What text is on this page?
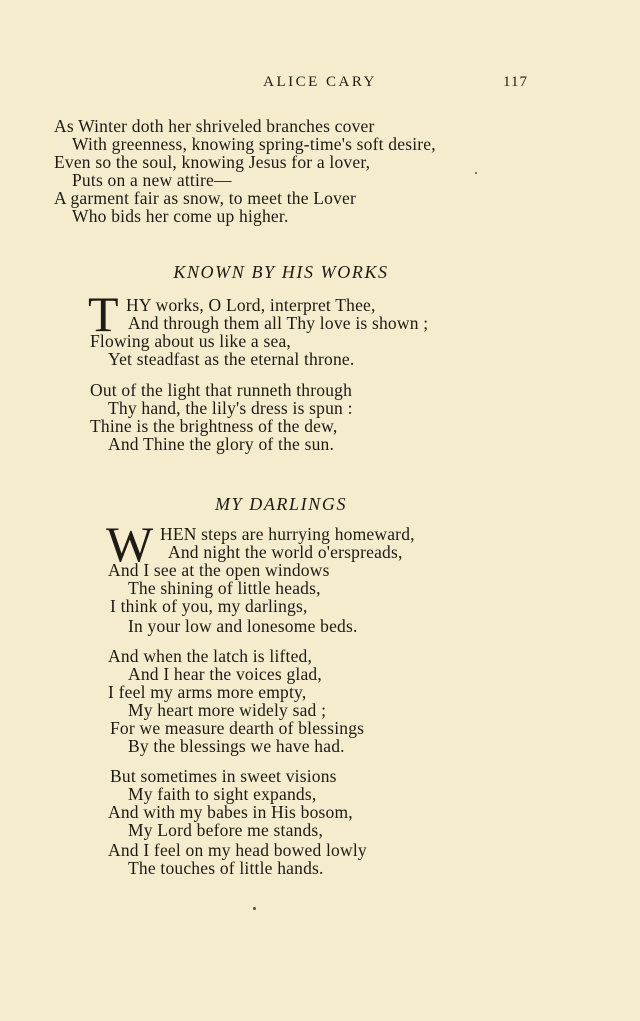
ALICE CARY	117
As Winter doth her shriveled branches cover
With greenness, knowing spring-time's soft desire,
Even so the soul, knowing Jesus for a lover,
Puts on a new attire—
A garment fair as snow, to meet the Lover
Who bids her come up higher.
KNOWN BY HIS WORKS
T HY works, O Lord, interpret Thee,
And through them all Thy love is shown ;
Flowing about us like a sea,
Yet steadfast as the eternal throne.
Out of the light that runneth through
Thy hand, the lily's dress is spun :
Thine is the brightness of the dew,
And Thine the glory of the sun.
MY DARLINGS
W HEN steps are hurrying homeward,
And night the world o'erspreads,
And I see at the open windows
The shining of little heads,
I think of you, my darlings,
In your low and lonesome beds.
And when the latch is lifted,
And I hear the voices glad,
I feel my arms more empty,
My heart more widely sad ;
For we measure dearth of blessings
By the blessings we have had.
But sometimes in sweet visions
My faith to sight expands,
And with my babes in His bosom,
My Lord before me stands,
And I feel on my head bowed lowly
The touches of little hands.
